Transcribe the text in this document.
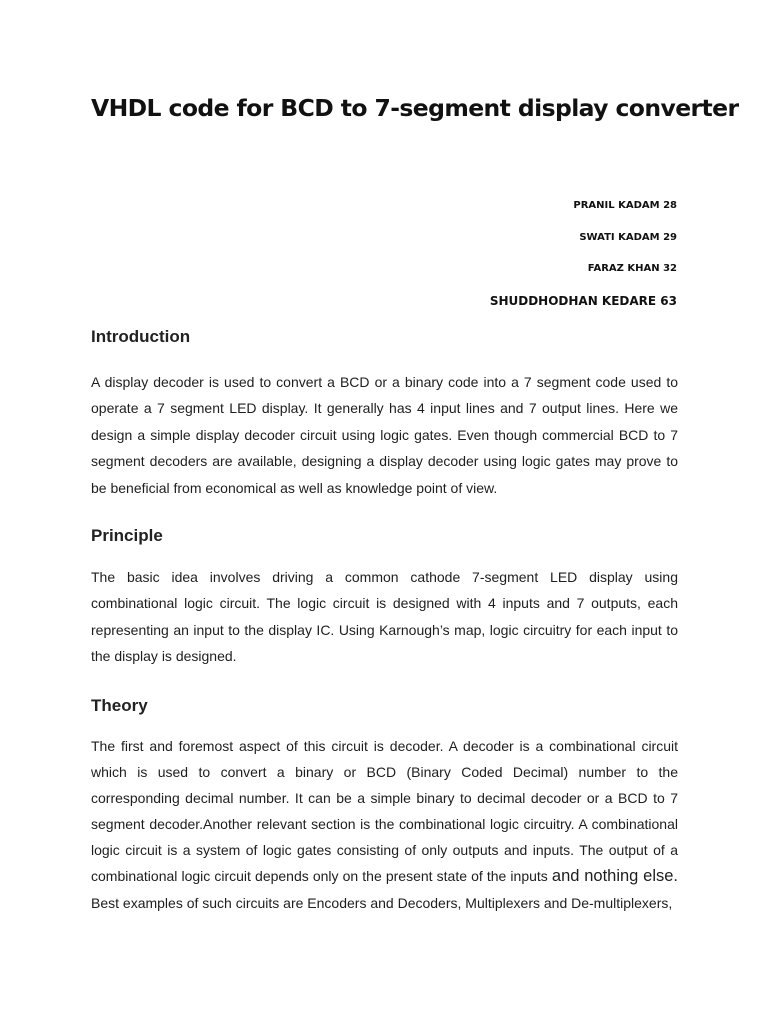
VHDL code for BCD to 7-segment display converter
PRANIL KADAM 28
SWATI KADAM 29
FARAZ KHAN 32
SHUDDHODHAN KEDARE 63
Introduction

A display decoder is used to convert a BCD or a binary code into a 7 segment code used to operate a 7 segment LED display. It generally has 4 input lines and 7 output lines. Here we design a simple display decoder circuit using logic gates. Even though commercial BCD to 7 segment decoders are available, designing a display decoder using logic gates may prove to be beneficial from economical as well as knowledge point of view.

Principle

The basic idea involves driving a common cathode 7-segment LED display using combinational logic circuit. The logic circuit is designed with 4 inputs and 7 outputs, each representing an input to the display IC. Using Karnough’s map, logic circuitry for each input to the display is designed.

Theory

The first and foremost aspect of this circuit is decoder. A decoder is a combinational circuit which is used to convert a binary or BCD (Binary Coded Decimal) number to the corresponding decimal number. It can be a simple binary to decimal decoder or a BCD to 7 segment decoder.Another relevant section is the combinational logic circuitry. A combinational logic circuit is a system of logic gates consisting of only outputs and inputs. The output of a combinational logic circuit depends only on the present state of the inputs and nothing else. Best examples of such circuits are Encoders and Decoders, Multiplexers and De-multiplexers,
